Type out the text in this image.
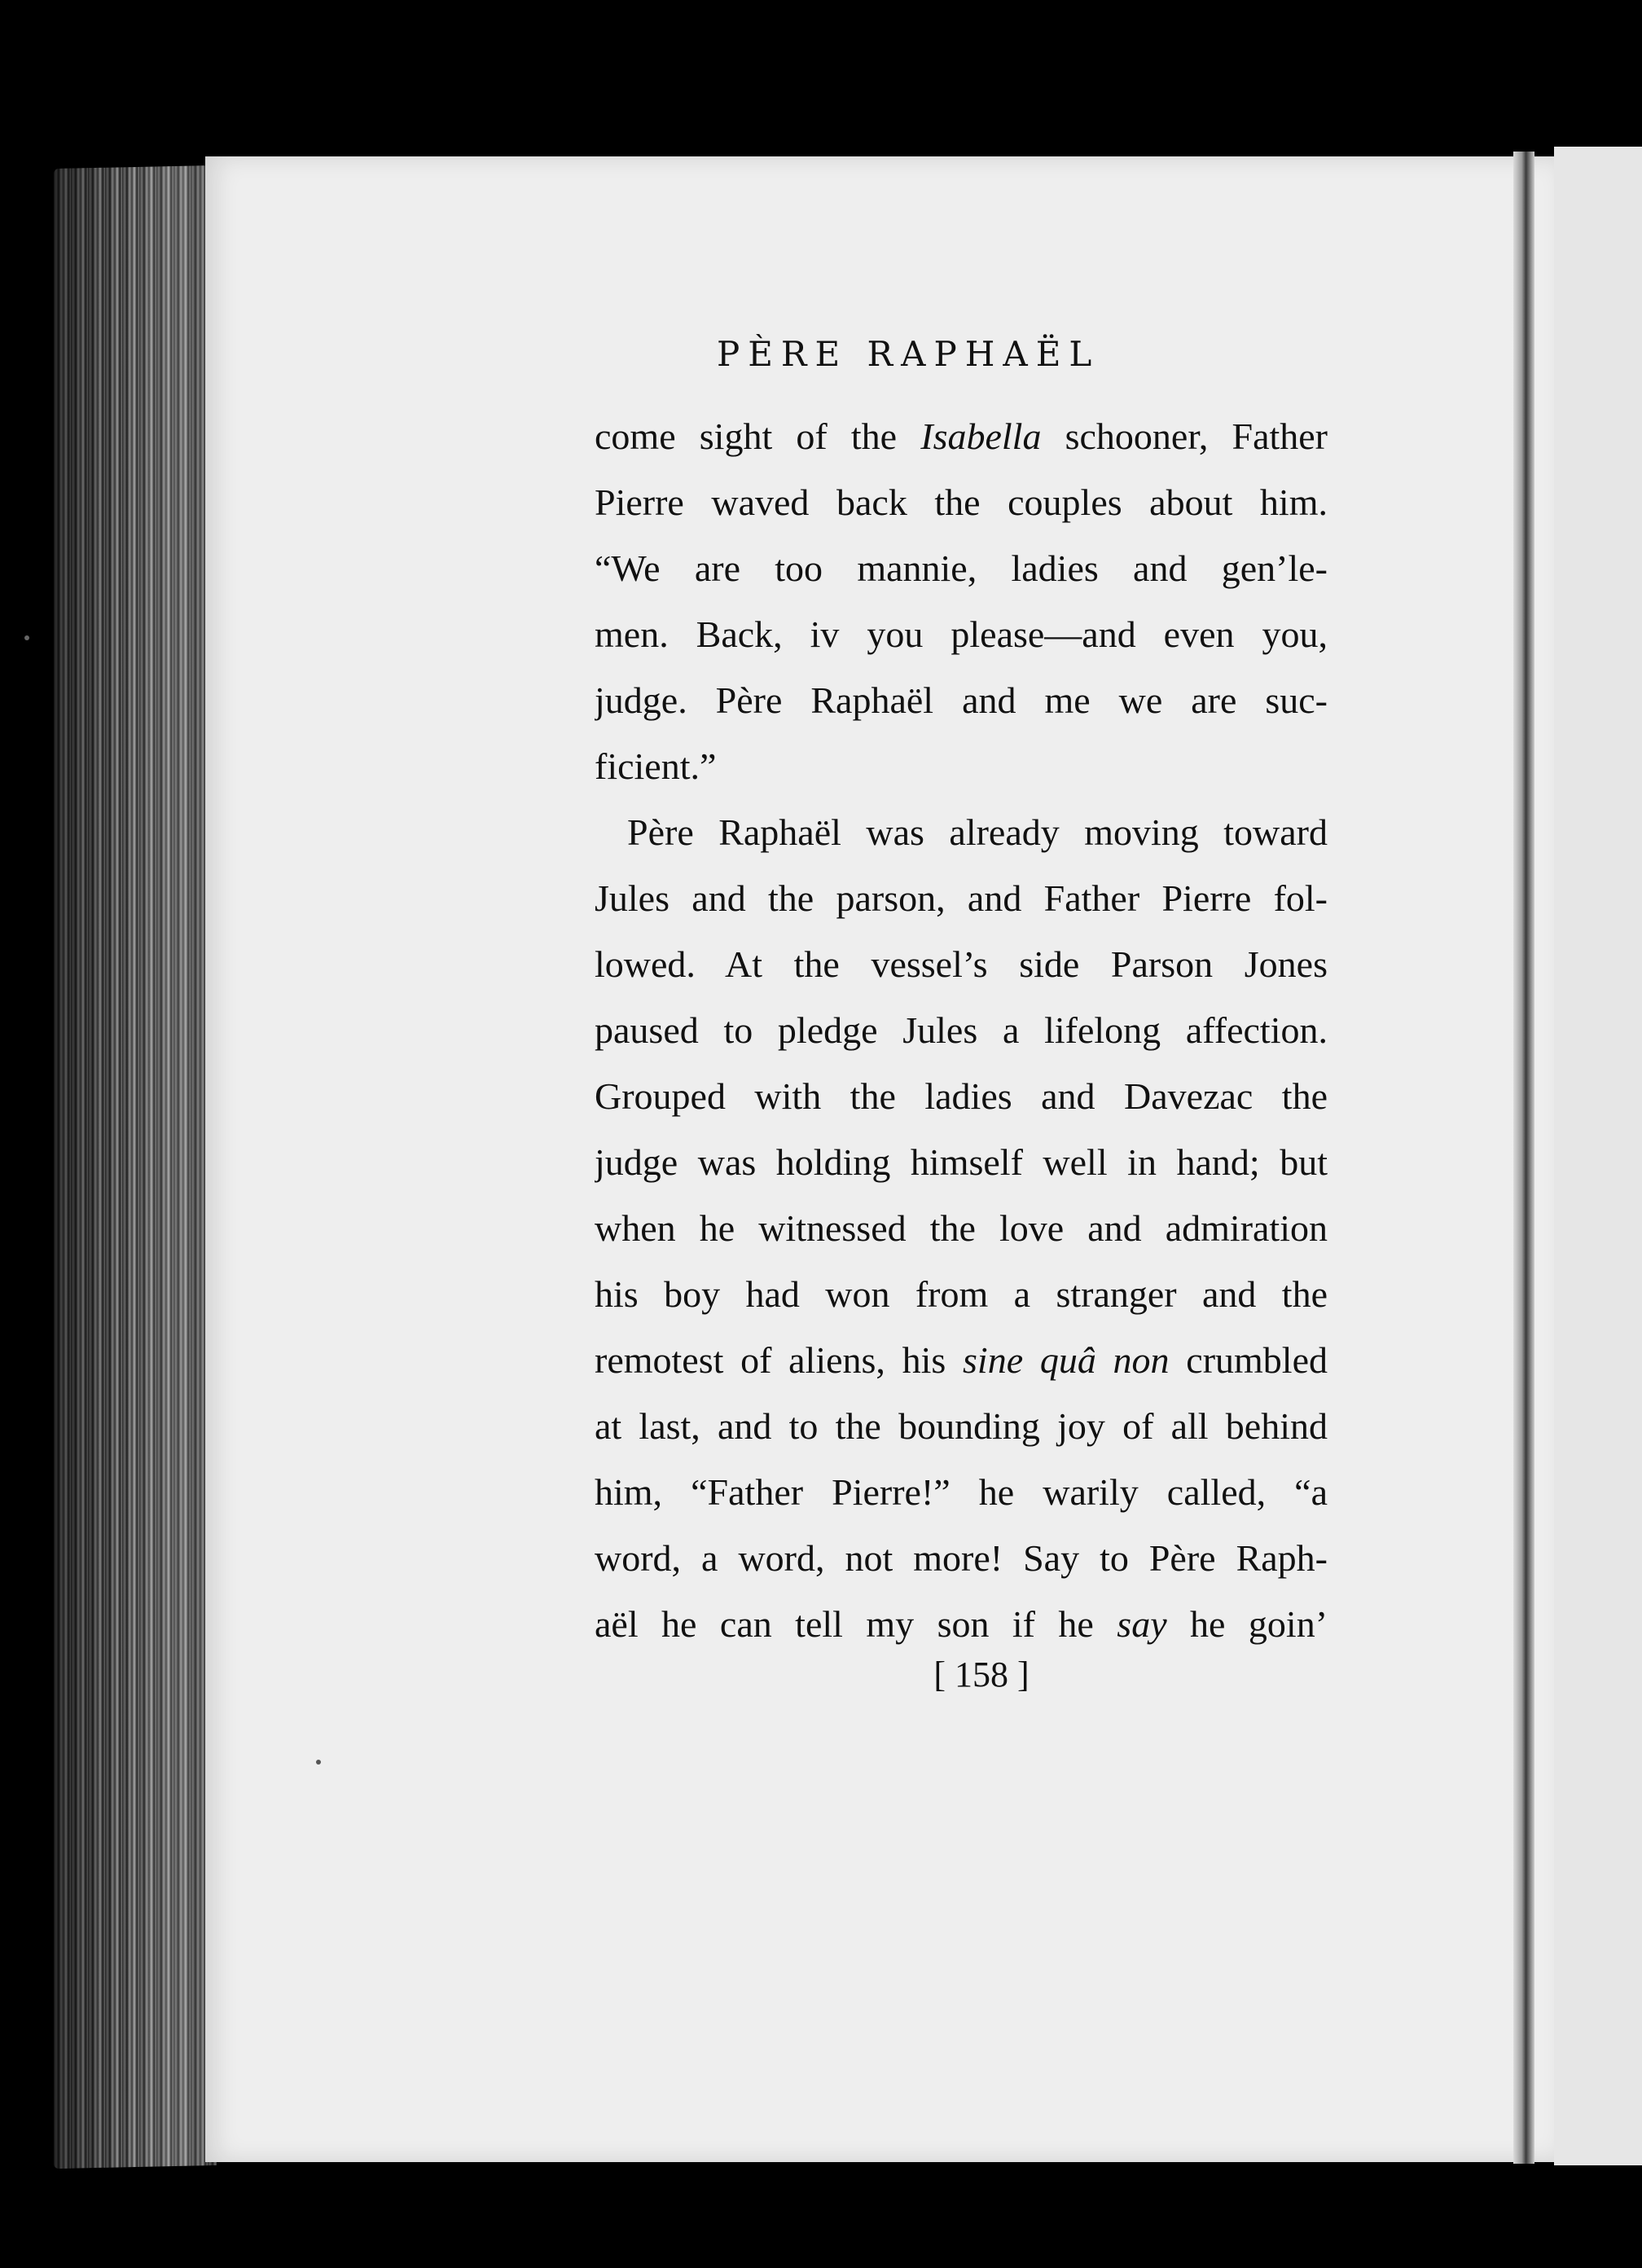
PÈRE RAPHAËL
come sight of the Isabella schooner, Father
Pierre waved back the couples about him.
“We are too mannie, ladies and gen’le-
men. Back, iv you please—and even you,
judge. Père Raphaël and me we are suc-
ficient.”
Père Raphaël was already moving toward
Jules and the parson, and Father Pierre fol-
lowed. At the vessel’s side Parson Jones
paused to pledge Jules a lifelong affection.
Grouped with the ladies and Davezac the
judge was holding himself well in hand; but
when he witnessed the love and admiration
his boy had won from a stranger and the
remotest of aliens, his sine quâ non crumbled
at last, and to the bounding joy of all behind
him, “Father Pierre!” he warily called, “a
word, a word, not more! Say to Père Raph-
aël he can tell my son if he say he goin’
[ 158 ]
